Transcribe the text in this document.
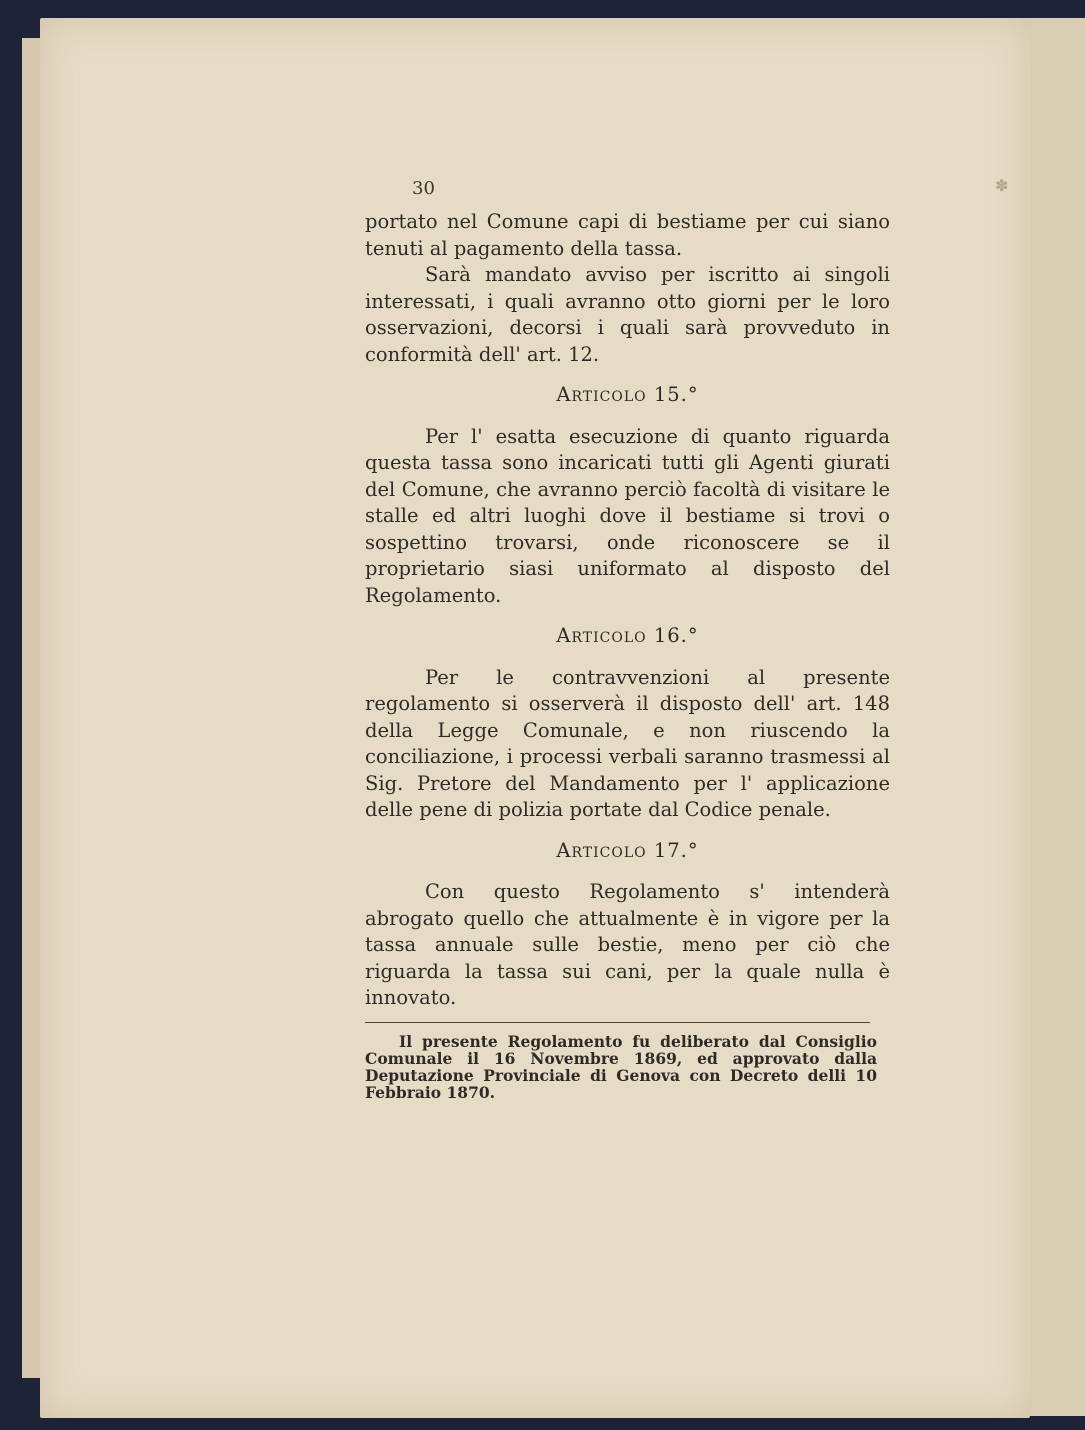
✽
30

portato nel Comune capi di bestiame per cui siano tenuti al pagamento della tassa.

Sarà mandato avviso per iscritto ai singoli interessati, i quali avranno otto giorni per le loro osservazioni, decorsi i quali sarà provveduto in conformità dell' art. 12.

Articolo 15.°

Per l' esatta esecuzione di quanto riguarda questa tassa sono incaricati tutti gli Agenti giurati del Comune, che avranno perciò facoltà di visitare le stalle ed altri luoghi dove il bestiame si trovi o sospettino trovarsi, onde riconoscere se il proprietario siasi uniformato al disposto del Regolamento.

Articolo 16.°

Per le contravvenzioni al presente regolamento si osserverà il disposto dell' art. 148 della Legge Comunale, e non riuscendo la conciliazione, i processi verbali saranno trasmessi al Sig. Pretore del Mandamento per l' applicazione delle pene di polizia portate dal Codice penale.

Articolo 17.°

Con questo Regolamento s' intenderà abrogato quello che attualmente è in vigore per la tassa annuale sulle bestie, meno per ciò che riguarda la tassa sui cani, per la quale nulla è innovato.

Il presente Regolamento fu deliberato dal Consiglio Comunale il 16 Novembre 1869, ed approvato dalla Deputazione Provinciale di Genova con Decreto delli 10 Febbraio 1870.
